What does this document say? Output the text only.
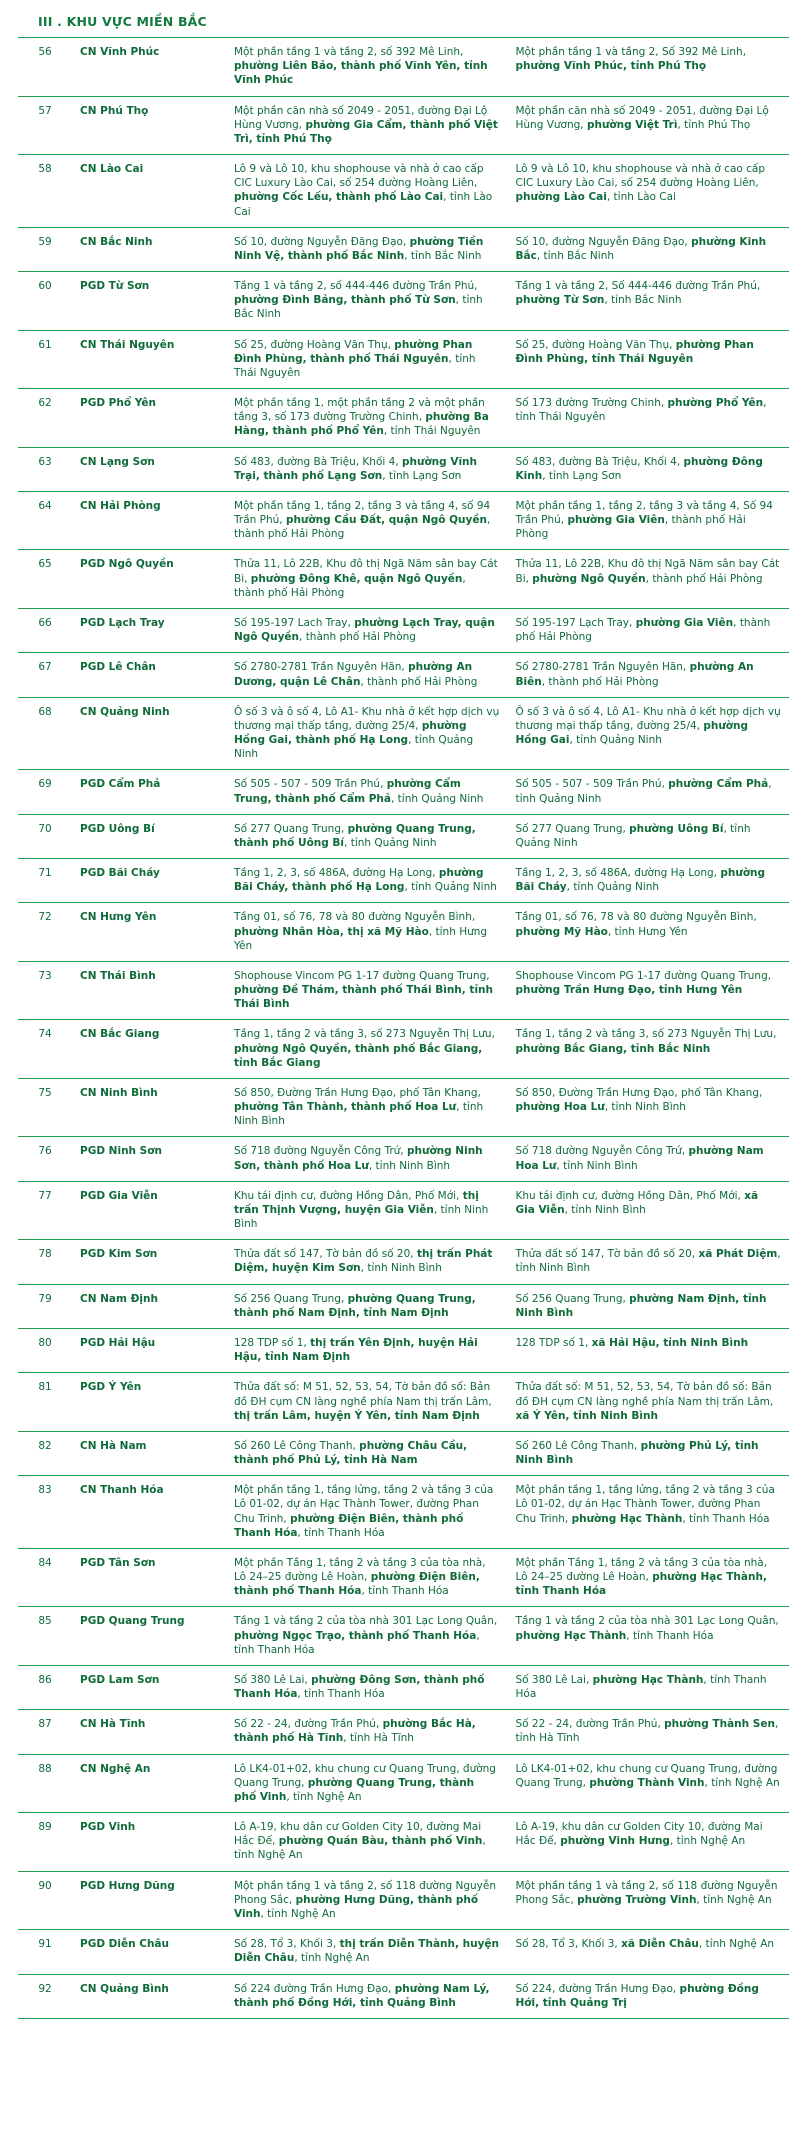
III . KHU VỰC MIỀN BẮC
56	CN Vĩnh Phúc	Một phần tầng 1 và tầng 2, số 392 Mê Linh, phường Liên Bảo, thành phố Vĩnh Yên, tỉnh Vĩnh Phúc	Một phần tầng 1 và tầng 2, Số 392 Mê Linh, phường Vĩnh Phúc, tỉnh Phú Thọ
57	CN Phú Thọ	Một phần căn nhà số 2049 - 2051, đường Đại Lộ Hùng Vương, phường Gia Cẩm, thành phố Việt Trì, tỉnh Phú Thọ	Một phần căn nhà số 2049 - 2051, đường Đại Lộ Hùng Vương, phường Việt Trì, tỉnh Phú Thọ
58	CN Lào Cai	Lô 9 và Lô 10, khu shophouse và nhà ở cao cấp CIC Luxury Lào Cai, số 254 đường Hoàng Liên, phường Cốc Lếu, thành phố Lào Cai, tỉnh Lào Cai	Lô 9 và Lô 10, khu shophouse và nhà ở cao cấp CIC Luxury Lào Cai, số 254 đường Hoàng Liên, phường Lào Cai, tỉnh Lào Cai
59	CN Bắc Ninh	Số 10, đường Nguyễn Đăng Đạo, phường Tiền Ninh Vệ, thành phố Bắc Ninh, tỉnh Bắc Ninh	Số 10, đường Nguyễn Đăng Đạo, phường Kinh Bắc, tỉnh Bắc Ninh
60	PGD Từ Sơn	Tầng 1 và tầng 2, số 444-446 đường Trần Phú, phường Đình Bảng, thành phố Từ Sơn, tỉnh Bắc Ninh	Tầng 1 và tầng 2, Số 444-446 đường Trần Phú, phường Từ Sơn, tỉnh Bắc Ninh
61	CN Thái Nguyên	Số 25, đường Hoàng Văn Thụ, phường Phan Đình Phùng, thành phố Thái Nguyên, tỉnh Thái Nguyên	Số 25, đường Hoàng Văn Thụ, phường Phan Đình Phùng, tỉnh Thái Nguyên
62	PGD Phổ Yên	Một phần tầng 1, một phần tầng 2 và một phần tầng 3, số 173 đường Trường Chinh, phường Ba Hàng, thành phố Phổ Yên, tỉnh Thái Nguyên	Số 173 đường Trường Chinh, phường Phổ Yên, tỉnh Thái Nguyên
63	CN Lạng Sơn	Số 483, đường Bà Triệu, Khối 4, phường Vĩnh Trại, thành phố Lạng Sơn, tỉnh Lạng Sơn	Số 483, đường Bà Triệu, Khối 4, phường Đông Kinh, tỉnh Lạng Sơn
64	CN Hải Phòng	Một phần tầng 1, tầng 2, tầng 3 và tầng 4, số 94 Trần Phú, phường Cầu Đất, quận Ngô Quyền, thành phố Hải Phòng	Một phần tầng 1, tầng 2, tầng 3 và tầng 4, Số 94 Trần Phú, phường Gia Viên, thành phố Hải Phòng
65	PGD Ngô Quyền	Thửa 11, Lô 22B, Khu đô thị Ngã Năm sân bay Cát Bi, phường Đông Khê, quận Ngô Quyền, thành phố Hải Phòng	Thửa 11, Lô 22B, Khu đô thị Ngã Năm sân bay Cát Bi, phường Ngô Quyền, thành phố Hải Phòng
66	PGD Lạch Tray	Số 195-197 Lach Tray, phường Lạch Tray, quận Ngô Quyền, thành phố Hải Phòng	Số 195-197 Lạch Tray, phường Gia Viên, thành phố Hải Phòng
67	PGD Lê Chân	Số 2780-2781 Trần Nguyên Hãn, phường An Dương, quận Lê Chân, thành phố Hải Phòng	Số 2780-2781 Trần Nguyên Hãn, phường An Biên, thành phố Hải Phòng
68	CN Quảng Ninh	Ô số 3 và ô số 4, Lô A1- Khu nhà ở kết hợp dịch vụ thương mại thấp tầng, đường 25/4, phường Hồng Gai, thành phố Hạ Long, tỉnh Quảng Ninh	Ô số 3 và ô số 4, Lô A1- Khu nhà ở kết hợp dịch vụ thương mại thấp tầng, đường 25/4, phường Hồng Gai, tỉnh Quảng Ninh
69	PGD Cẩm Phả	Số 505 - 507 - 509 Trần Phú, phường Cẩm Trung, thành phố Cẩm Phả, tỉnh Quảng Ninh	Số 505 - 507 - 509 Trần Phú, phường Cẩm Phả, tỉnh Quảng Ninh
70	PGD Uông Bí	Số 277 Quang Trung, phường Quang Trung, thành phố Uông Bí, tỉnh Quảng Ninh	Số 277 Quang Trung, phường Uông Bí, tỉnh Quảng Ninh
71	PGD Bãi Cháy	Tầng 1, 2, 3, số 486A, đường Hạ Long, phường Bãi Cháy, thành phố Hạ Long, tỉnh Quảng Ninh	Tầng 1, 2, 3, số 486A, đường Hạ Long, phường Bãi Cháy, tỉnh Quảng Ninh
72	CN Hưng Yên	Tầng 01, số 76, 78 và 80 đường Nguyễn Bình, phường Nhân Hòa, thị xã Mỹ Hào, tỉnh Hưng Yên	Tầng 01, số 76, 78 và 80 đường Nguyễn Bình, phường Mỹ Hào, tỉnh Hưng Yên
73	CN Thái Bình	Shophouse Vincom PG 1-17 đường Quang Trung, phường Đề Thám, thành phố Thái Bình, tỉnh Thái Bình	Shophouse Vincom PG 1-17 đường Quang Trung, phường Trần Hưng Đạo, tỉnh Hưng Yên
74	CN Bắc Giang	Tầng 1, tầng 2 và tầng 3, số 273 Nguyễn Thị Lưu, phường Ngô Quyền, thành phố Bắc Giang, tỉnh Bắc Giang	Tầng 1, tầng 2 và tầng 3, số 273 Nguyễn Thị Lưu, phường Bắc Giang, tỉnh Bắc Ninh
75	CN Ninh Bình	Số 850, Đường Trần Hưng Đạo, phố Tân Khang, phường Tân Thành, thành phố Hoa Lư, tỉnh Ninh Bình	Số 850, Đường Trần Hưng Đạo, phố Tân Khang, phường Hoa Lư, tỉnh Ninh Bình
76	PGD Ninh Sơn	Số 718 đường Nguyễn Công Trứ, phường Ninh Sơn, thành phố Hoa Lư, tỉnh Ninh Bình	Số 718 đường Nguyễn Công Trứ, phường Nam Hoa Lư, tỉnh Ninh Bình
77	PGD Gia Viễn	Khu tái định cư, đường Hồng Dân, Phố Mới, thị trấn Thịnh Vượng, huyện Gia Viễn, tỉnh Ninh Bình	Khu tái định cư, đường Hồng Dân, Phố Mới, xã Gia Viễn, tỉnh Ninh Bình
78	PGD Kim Sơn	Thửa đất số 147, Tờ bản đồ số 20, thị trấn Phát Diệm, huyện Kim Sơn, tỉnh Ninh Bình	Thửa đất số 147, Tờ bản đồ số 20, xã Phát Diệm, tỉnh Ninh Bình
79	CN Nam Định	Số 256 Quang Trung, phường Quang Trung, thành phố Nam Định, tỉnh Nam Định	Số 256 Quang Trung, phường Nam Định, tỉnh Ninh Bình
80	PGD Hải Hậu	128 TDP số 1, thị trấn Yên Định, huyện Hải Hậu, tỉnh Nam Định	128 TDP số 1, xã Hải Hậu, tỉnh Ninh Bình
81	PGD Ý Yên	Thửa đất số: M 51, 52, 53, 54, Tờ bản đồ số: Bản đồ ĐH cụm CN làng nghề phía Nam thị trấn Lâm, thị trấn Lâm, huyện Ý Yên, tỉnh Nam Định	Thửa đất số: M 51, 52, 53, 54, Tờ bản đồ số: Bản đồ ĐH cụm CN làng nghề phía Nam thị trấn Lâm, xã Ý Yên, tỉnh Ninh Bình
82	CN Hà Nam	Số 260 Lê Công Thanh, phường Châu Cầu, thành phố Phủ Lý, tỉnh Hà Nam	Số 260 Lê Công Thanh, phường Phủ Lý, tỉnh Ninh Bình
83	CN Thanh Hóa	Một phần tầng 1, tầng lửng, tầng 2 và tầng 3 của Lô 01-02, dự án Hạc Thành Tower, đường Phan Chu Trinh, phường Điện Biên, thành phố Thanh Hóa, tỉnh Thanh Hóa	Một phần tầng 1, tầng lửng, tầng 2 và tầng 3 của Lô 01-02, dự án Hạc Thành Tower, đường Phan Chu Trinh, phường Hạc Thành, tỉnh Thanh Hóa
84	PGD Tân Sơn	Một phần Tầng 1, tầng 2 và tầng 3 của tòa nhà, Lô 24–25 đường Lê Hoàn, phường Điện Biên, thành phố Thanh Hóa, tỉnh Thanh Hóa	Một phần Tầng 1, tầng 2 và tầng 3 của tòa nhà, Lô 24–25 đường Lê Hoàn, phường Hạc Thành, tỉnh Thanh Hóa
85	PGD Quang Trung	Tầng 1 và tầng 2 của tòa nhà 301 Lạc Long Quân, phường Ngọc Trạo, thành phố Thanh Hóa, tỉnh Thanh Hóa	Tầng 1 và tầng 2 của tòa nhà 301 Lạc Long Quân, phường Hạc Thành, tỉnh Thanh Hóa
86	PGD Lam Sơn	Số 380 Lê Lai, phường Đông Sơn, thành phố Thanh Hóa, tỉnh Thanh Hóa	Số 380 Lê Lai, phường Hạc Thành, tỉnh Thanh Hóa
87	CN Hà Tĩnh	Số 22 - 24, đường Trần Phú, phường Bắc Hà, thành phố Hà Tĩnh, tỉnh Hà Tĩnh	Số 22 - 24, đường Trần Phú, phường Thành Sen, tỉnh Hà Tĩnh
88	CN Nghệ An	Lô LK4-01+02, khu chung cư Quang Trung, đường Quang Trung, phường Quang Trung, thành phố Vinh, tỉnh Nghệ An	Lô LK4-01+02, khu chung cư Quang Trung, đường Quang Trung, phường Thành Vinh, tỉnh Nghệ An
89	PGD Vinh	Lô A-19, khu dân cư Golden City 10, đường Mai Hắc Đế, phường Quán Bàu, thành phố Vinh, tỉnh Nghệ An	Lô A-19, khu dân cư Golden City 10, đường Mai Hắc Đế, phường Vinh Hưng, tỉnh Nghệ An
90	PGD Hưng Dũng	Một phần tầng 1 và tầng 2, số 118 đường Nguyễn Phong Sắc, phường Hưng Dũng, thành phố Vinh, tỉnh Nghệ An	Một phần tầng 1 và tầng 2, số 118 đường Nguyễn Phong Sắc, phường Trường Vinh, tỉnh Nghệ An
91	PGD Diễn Châu	Số 28, Tổ 3, Khối 3, thị trấn Diễn Thành, huyện Diễn Châu, tỉnh Nghệ An	Số 28, Tổ 3, Khối 3, xã Diễn Châu, tỉnh Nghệ An
92	CN Quảng Bình	Số 224 đường Trần Hưng Đạo, phường Nam Lý, thành phố Đồng Hới, tỉnh Quảng Bình	Số 224, đường Trần Hưng Đạo, phường Đồng Hới, tỉnh Quảng Trị
